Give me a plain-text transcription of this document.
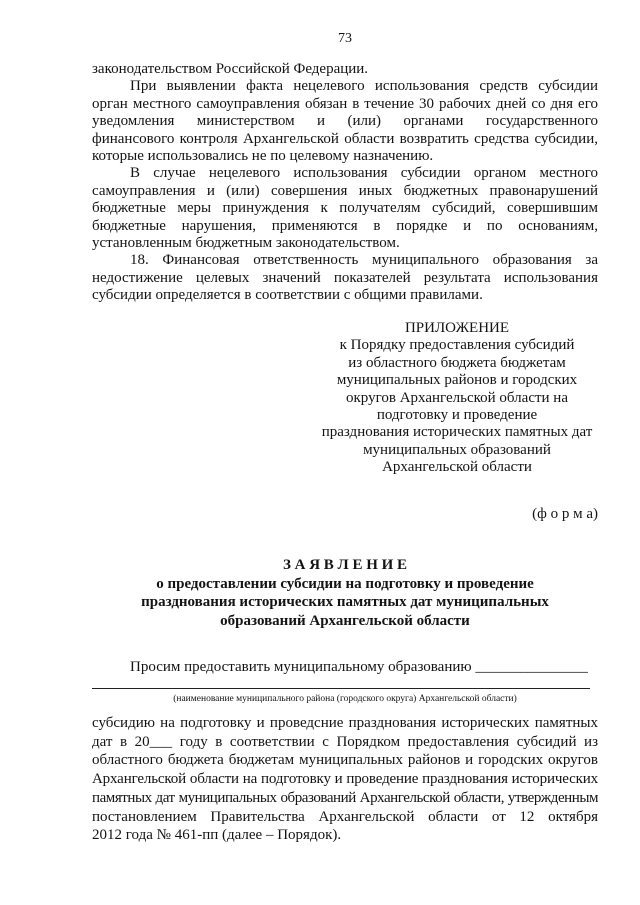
73
законодательством Российской Федерации.
При выявлении факта нецелевого использования средств субсидии
орган местного самоуправления обязан в течение 30 рабочих дней со дня его
уведомления министерством и (или) органами государственного
финансового контроля Архангельской области возвратить средства субсидии,
которые использовались не по целевому назначению.
В случае нецелевого использования субсидии органом местного
самоуправления и (или) совершения иных бюджетных правонарушений
бюджетные меры принуждения к получателям субсидий, совершившим
бюджетные нарушения, применяются в порядке и по основаниям,
установленным бюджетным законодательством.
18. Финансовая ответственность муниципального образования за
недостижение целевых значений показателей результата использования
субсидии определяется в соответствии с общими правилами.
ПРИЛОЖЕНИЕ
к Порядку предоставления субсидий
из областного бюджета бюджетам
муниципальных районов и городских
округов Архангельской области на
подготовку и проведение
празднования исторических памятных дат
муниципальных образований
Архангельской области
(ф о р м а)
З А Я В Л Е Н И Е
о предоставлении субсидии на подготовку и проведение
празднования исторических памятных дат муниципальных
образований Архангельской области
Просим предоставить муниципальному образованию _______________
(наименование муниципального района (городского округа) Архангельской области)
субсидию на подготовку и проведсние празднования исторических памятных
дат в 20___ году в соответствии с Порядком предоставления субсидий из
областного бюджета бюджетам муниципальных районов и городских округов
Архангельской области на подготовку и проведение празднования исторических
памятных дат муниципальных образований Архангельской области, утвержденным
постановлением Правительства Архангельской области от 12 октября
2012 года № 461-пп (далее – Порядок).
